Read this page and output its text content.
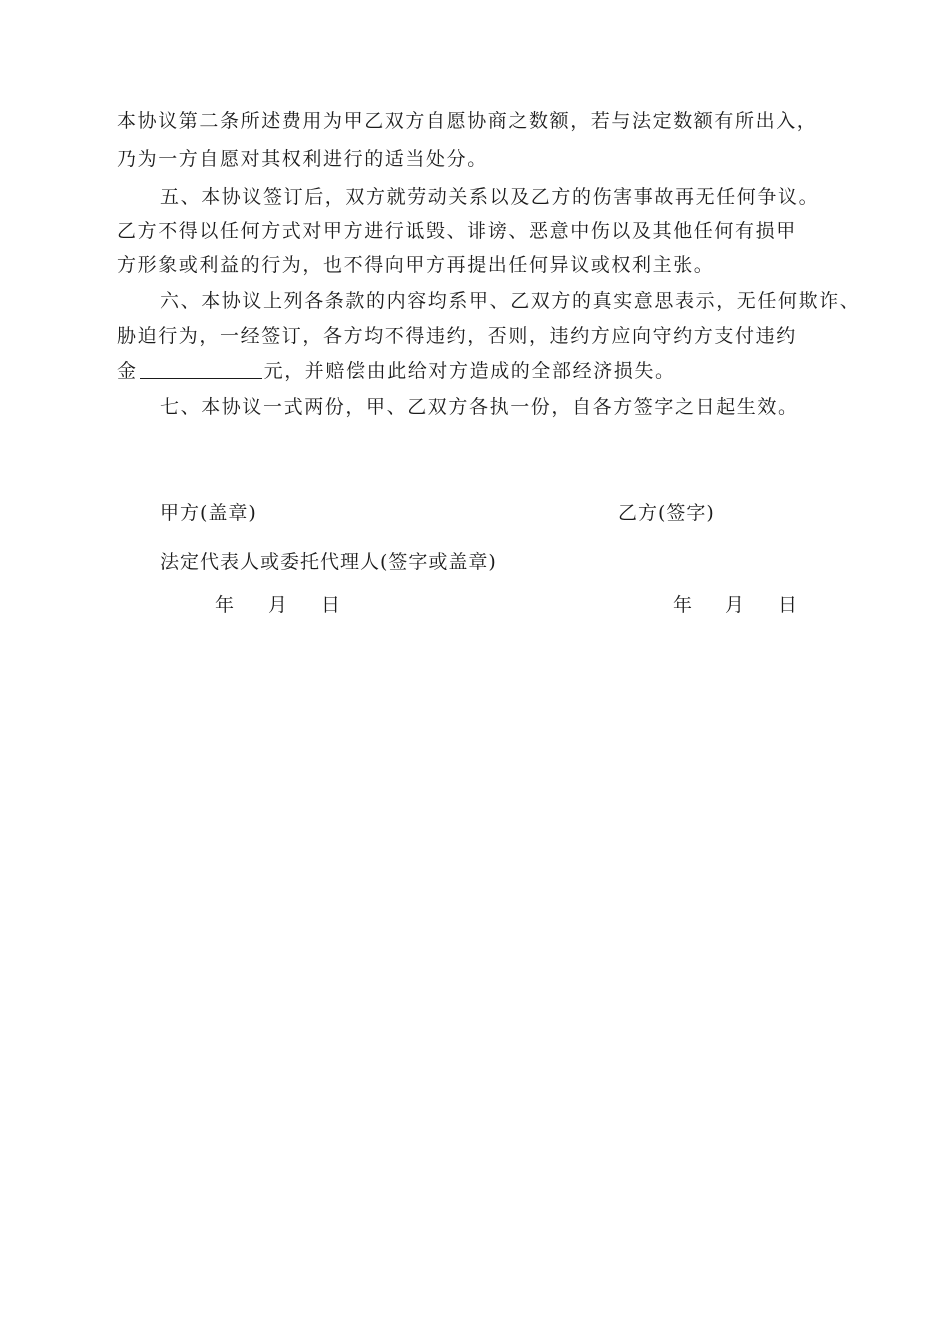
本协议第二条所述费用为甲乙双方自愿协商之数额，若与法定数额有所出入，
乃为一方自愿对其权利进行的适当处分。
五、本协议签订后，双方就劳动关系以及乙方的伤害事故再无任何争议。
乙方不得以任何方式对甲方进行诋毁、诽谤、恶意中伤以及其他任何有损甲
方形象或利益的行为，也不得向甲方再提出任何异议或权利主张。
六、本协议上列各条款的内容均系甲、乙双方的真实意思表示，无任何欺诈、
胁迫行为，一经签订，各方均不得违约，否则，违约方应向守约方支付违约
金	元，并赔偿由此给对方造成的全部经济损失。
七、本协议一式两份，甲、乙双方各执一份，自各方签字之日起生效。
甲方(盖章)	乙方(签字)
法定代表人或委托代理人(签字或盖章)
年 月 日	年 月 日
